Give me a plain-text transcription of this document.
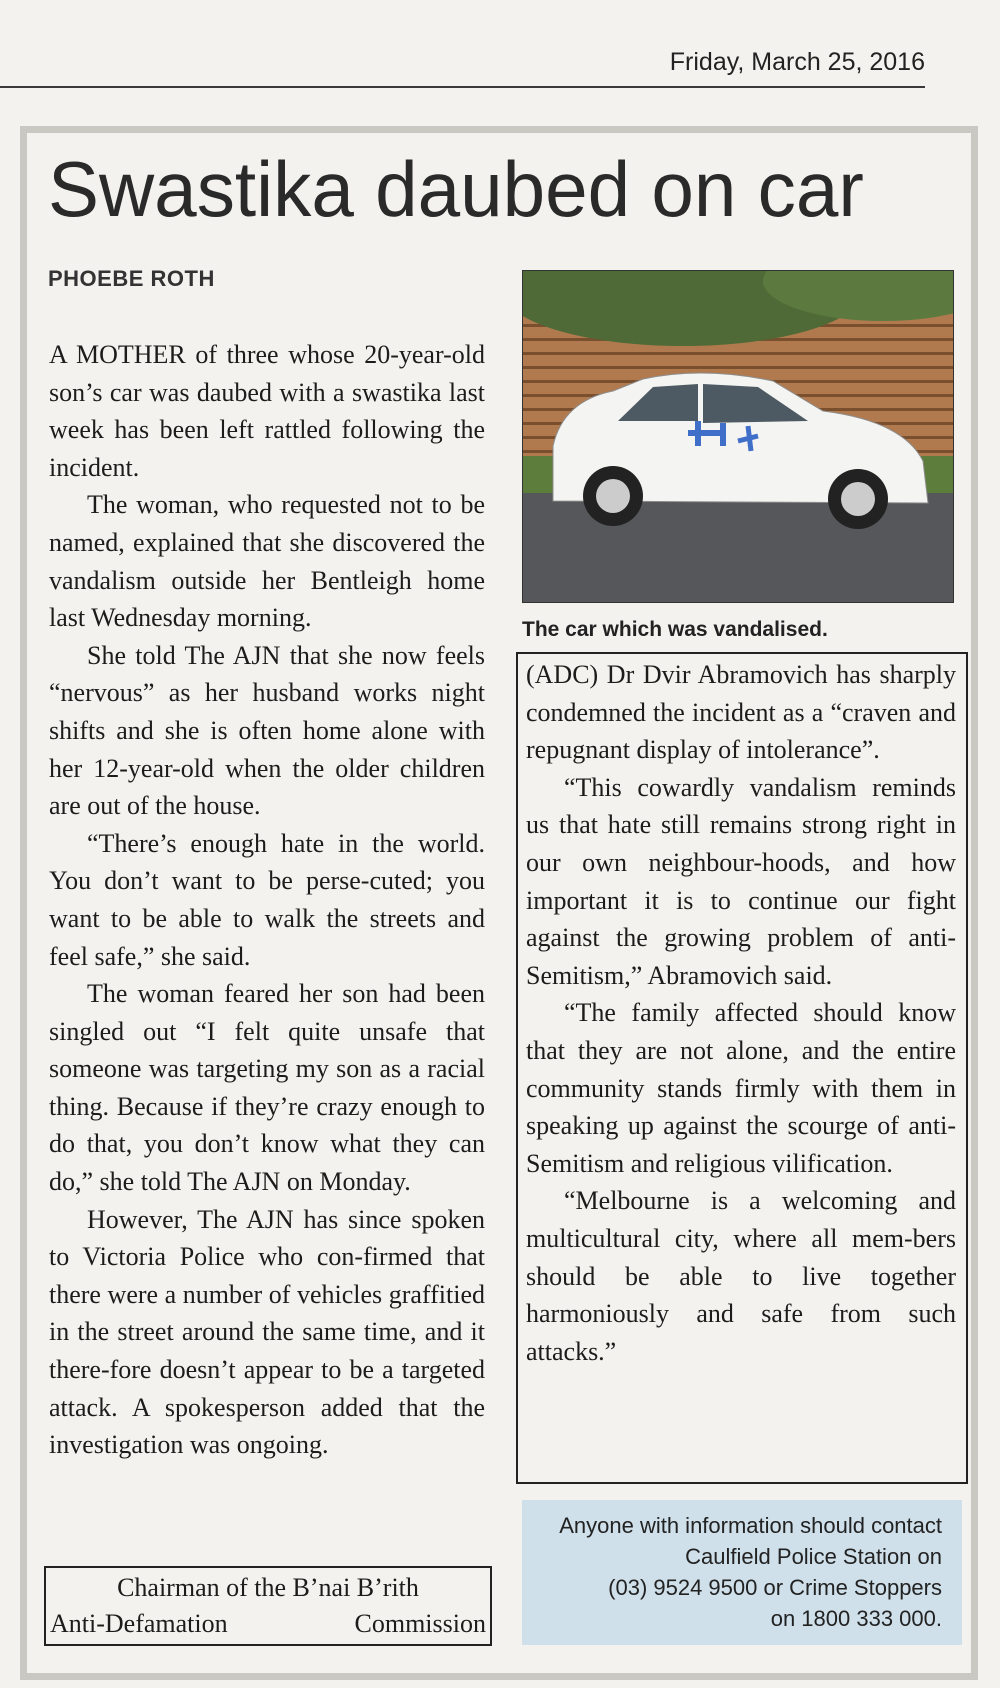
Friday, March 25, 2016
Swastika daubed on car
PHOEBE ROTH

A MOTHER of three whose 20-year-old son’s car was daubed with a swastika last week has been left rattled following the incident.

The woman, who requested not to be named, explained that she discovered the vandalism outside her Bentleigh home last Wednesday morning.

She told The AJN that she now feels “nervous” as her husband works night shifts and she is often home alone with her 12-year-old when the older children are out of the house.

“There’s enough hate in the world. You don’t want to be perse-cuted; you want to be able to walk the streets and feel safe,” she said.

The woman feared her son had been singled out “I felt quite unsafe that someone was targeting my son as a racial thing. Because if they’re crazy enough to do that, you don’t know what they can do,” she told The AJN on Monday.

However, The AJN has since spoken to Victoria Police who con-firmed that there were a number of vehicles graffitied in the street around the same time, and it there-fore doesn’t appear to be a targeted attack. A spokesperson added that the investigation was ongoing.

Chairman of the B’nai B’rith
Anti-Defamation	Commission
The car which was vandalised.

(ADC) Dr Dvir Abramovich has sharply condemned the incident as a “craven and repugnant display of intolerance”.

“This cowardly vandalism reminds us that hate still remains strong right in our own neighbour-hoods, and how important it is to continue our fight against the growing problem of anti-Semitism,” Abramovich said.

“The family affected should know that they are not alone, and the entire community stands firmly with them in speaking up against the scourge of anti-Semitism and religious vilification.

“Melbourne is a welcoming and multicultural city, where all mem-bers should be able to live together harmoniously and safe from such attacks.”

Anyone with information should contact
Caulfield Police Station on
(03) 9524 9500 or Crime Stoppers
on 1800 333 000.
